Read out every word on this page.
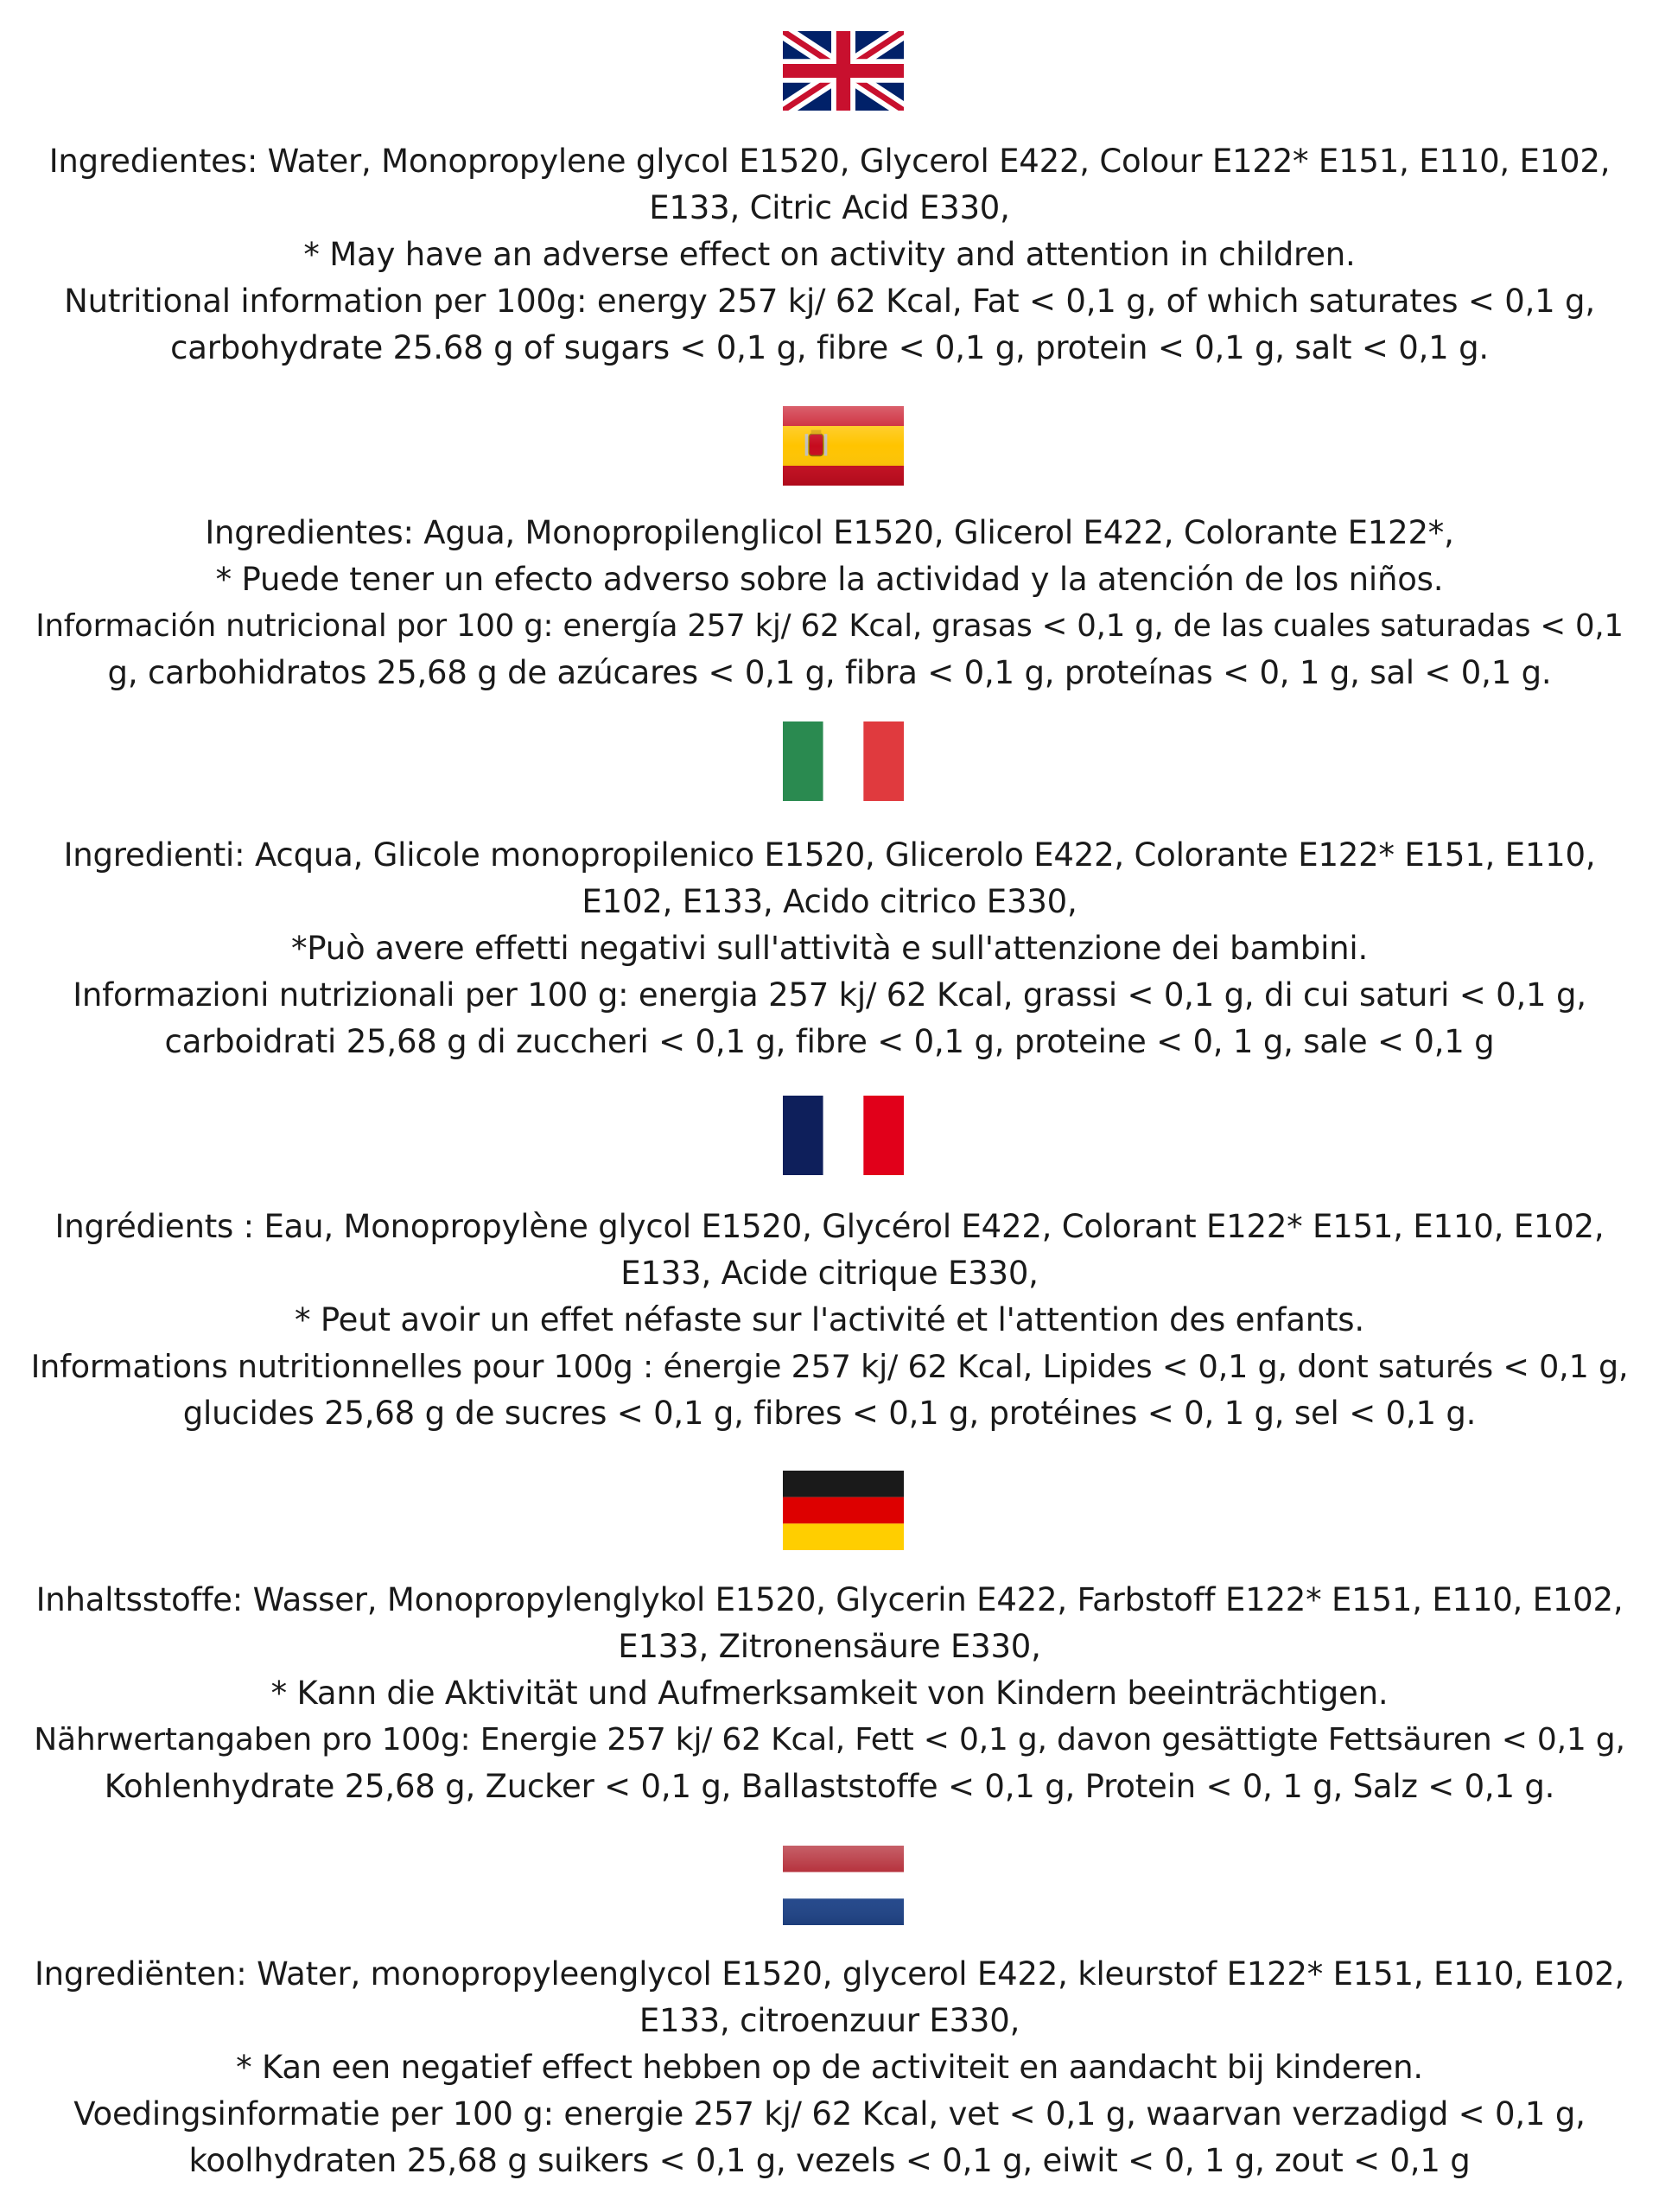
Ingredientes: Water, Monopropylene glycol E1520, Glycerol E422, Colour E122* E151, E110, E102,

E133, Citric Acid E330,

* May have an adverse effect on activity and attention in children.

Nutritional information per 100g: energy 257 kj/ 62 Kcal, Fat < 0,1 g, of which saturates < 0,1 g,

carbohydrate 25.68 g of sugars < 0,1 g, fibre < 0,1 g, protein < 0,1 g, salt < 0,1 g.

Ingredientes: Agua, Monopropilenglicol E1520, Glicerol E422, Colorante E122*,

* Puede tener un efecto adverso sobre la actividad y la atención de los niños.

Información nutricional por 100 g: energía 257 kj/ 62 Kcal, grasas < 0,1 g, de las cuales saturadas < 0,1

g, carbohidratos 25,68 g de azúcares < 0,1 g, fibra < 0,1 g, proteínas < 0, 1 g, sal < 0,1 g.

Ingredienti: Acqua, Glicole monopropilenico E1520, Glicerolo E422, Colorante E122* E151, E110,

E102, E133, Acido citrico E330,

*Può avere effetti negativi sull'attività e sull'attenzione dei bambini.

Informazioni nutrizionali per 100 g: energia 257 kj/ 62 Kcal, grassi < 0,1 g, di cui saturi < 0,1 g,

carboidrati 25,68 g di zuccheri < 0,1 g, fibre < 0,1 g, proteine < 0, 1 g, sale < 0,1 g

Ingrédients : Eau, Monopropylène glycol E1520, Glycérol E422, Colorant E122* E151, E110, E102,

E133, Acide citrique E330,

* Peut avoir un effet néfaste sur l'activité et l'attention des enfants.

Informations nutritionnelles pour 100g : énergie 257 kj/ 62 Kcal, Lipides < 0,1 g, dont saturés < 0,1 g,

glucides 25,68 g de sucres < 0,1 g, fibres < 0,1 g, protéines < 0, 1 g, sel < 0,1 g.

Inhaltsstoffe: Wasser, Monopropylenglykol E1520, Glycerin E422, Farbstoff E122* E151, E110, E102,

E133, Zitronensäure E330,

* Kann die Aktivität und Aufmerksamkeit von Kindern beeinträchtigen.

Nährwertangaben pro 100g: Energie 257 kj/ 62 Kcal, Fett < 0,1 g, davon gesättigte Fettsäuren < 0,1 g,

Kohlenhydrate 25,68 g, Zucker < 0,1 g, Ballaststoffe < 0,1 g, Protein < 0, 1 g, Salz < 0,1 g.

Ingrediënten: Water, monopropyleenglycol E1520, glycerol E422, kleurstof E122* E151, E110, E102,

E133, citroenzuur E330,

* Kan een negatief effect hebben op de activiteit en aandacht bij kinderen.

Voedingsinformatie per 100 g: energie 257 kj/ 62 Kcal, vet < 0,1 g, waarvan verzadigd < 0,1 g,

koolhydraten 25,68 g suikers < 0,1 g, vezels < 0,1 g, eiwit < 0, 1 g, zout < 0,1 g
